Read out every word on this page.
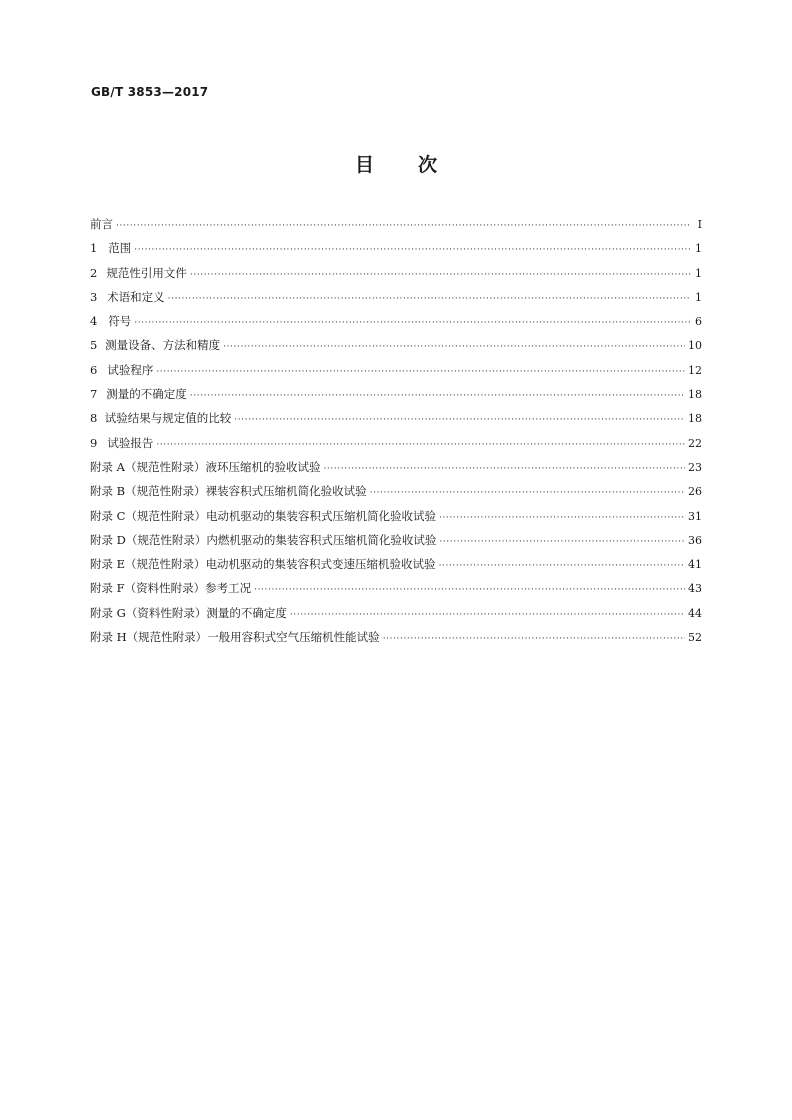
GB/T 3853—2017
目 次
前言 ·····	Ⅰ
1 范围 ·····	1
2 规范性引用文件 ·····	1
3 术语和定义 ·····	1
4 符号 ·····	6
5 测量设备、方法和精度 ·····	10
6 试验程序 ·····	12
7 测量的不确定度 ·····	18
8 试验结果与规定值的比较 ·····	18
9 试验报告 ·····	22
附录 A（规范性附录） 液环压缩机的验收试验 ·····	23
附录 B（规范性附录） 裸装容积式压缩机简化验收试验 ·····	26
附录 C（规范性附录） 电动机驱动的集装容积式压缩机简化验收试验 ·····	31
附录 D（规范性附录） 内燃机驱动的集装容积式压缩机简化验收试验 ·····	36
附录 E（规范性附录） 电动机驱动的集装容积式变速压缩机验收试验 ·····	41
附录 F（资料性附录） 参考工况 ·····	43
附录 G（资料性附录） 测量的不确定度 ·····	44
附录 H（规范性附录） 一般用容积式空气压缩机性能试验 ·····	52
